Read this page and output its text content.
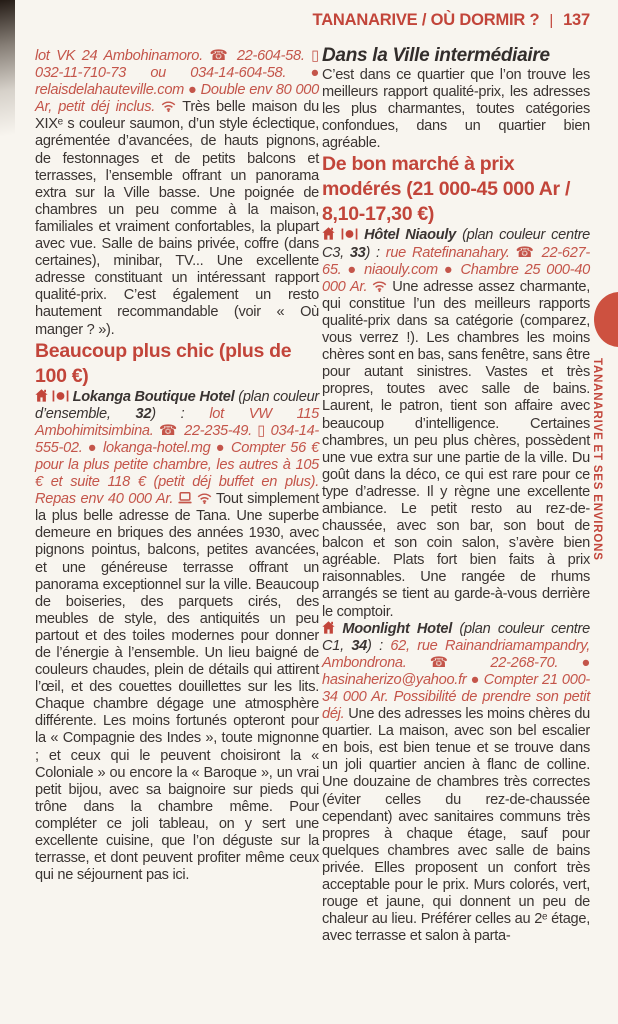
TANANARIVE / OÙ DORMIR ? | 137

lot VK 24 Ambohinamoro. ☎ 22-604-58. ▯ 032-11-710-73 ou 034-14-604-58. ● relaisdelahauteville.com ● Double env 80 000 Ar, petit déj inclus.  Très belle maison du XIXᵉ s couleur saumon, d’un style éclectique, agrémentée d’avancées, de hauts pignons, de festonnages et de petits balcons et terrasses, l’ensemble offrant un panorama extra sur la Ville basse. Une poignée de chambres un peu comme à la maison, familiales et vraiment confortables, la plupart avec vue. Salle de bains privée, coffre (dans certaines), minibar, TV... Une excellente adresse constituant un intéressant rapport qualité-prix. C’est également un resto hautement recommandable (voir « Où manger ? »).

Beaucoup plus chic (plus de 100 €)

Lokanga Boutique Hotel (plan couleur d’ensemble, 32) : lot VW 115 Ambohimitsimbina. ☎ 22-235-49. ▯ 034-14-555-02. ● lokanga-hotel.mg ● Compter 56 € pour la plus petite chambre, les autres à 105 € et suite 118 € (petit déj buffet en plus). Repas env 40 000 Ar.	Tout simplement la plus belle adresse de Tana. Une superbe demeure en briques des années 1930, avec pignons pointus, balcons, petites avancées, et une généreuse terrasse offrant un panorama exceptionnel sur la ville. Beaucoup de boiseries, des parquets cirés, des meubles de style, des antiquités un peu partout et des toiles modernes pour donner de l’énergie à l’ensemble. Un lieu baigné de couleurs chaudes, plein de détails qui attirent l’œil, et des couettes douillettes sur les lits. Chaque chambre dégage une atmosphère différente. Les moins fortunés opteront pour la « Compagnie des Indes », toute mignonne ; et ceux qui le peuvent choisiront la « Coloniale » ou encore la « Baroque », un vrai petit bijou, avec sa baignoire sur pieds qui trône dans la chambre même. Pour compléter ce joli tableau, on y sert une excellente cuisine, que l’on déguste sur la terrasse, et dont peuvent profiter même ceux qui ne séjournent pas ici.

Dans la Ville intermédiaire

C’est dans ce quartier que l’on trouve les meilleurs rapport qualité-prix, les adresses les plus charmantes, toutes catégories confondues, dans un quartier bien agréable.

De bon marché à prix modérés (21 000-45 000 Ar / 8,10-17,30 €)

Hôtel Niaouly (plan couleur centre C3, 33) : rue Ratefinanahary. ☎ 22-627-65. ● niaouly.com ● Chambre 25 000-40 000 Ar.  Une adresse assez charmante, qui constitue l’un des meilleurs rapports qualité-prix dans sa catégorie (comparez, vous verrez !). Les chambres les moins chères sont en bas, sans fenêtre, sans être pour autant sinistres. Vastes et très propres, toutes avec salle de bains. Laurent, le patron, tient son affaire avec beaucoup d’intelligence. Certaines chambres, un peu plus chères, possèdent une vue extra sur une partie de la ville. Du goût dans la déco, ce qui est rare pour ce type d’adresse. Il y règne une excellente ambiance. Le petit resto au rez-de-chaussée, avec son bar, son bout de balcon et son coin salon, s’avère bien agréable. Plats fort bien faits à prix raisonnables. Une rangée de rhums arrangés se tient au garde-à-vous derrière le comptoir.

Moonlight Hotel (plan couleur centre C1, 34) : 62, rue Rainandriamampandry, Ambondrona. ☎ 22-268-70. ● hasinaherizo@yahoo.fr ● Compter 21 000-34 000 Ar. Possibilité de prendre son petit déj. Une des adresses les moins chères du quartier. La maison, avec son bel escalier en bois, est bien tenue et se trouve dans un joli quartier ancien à flanc de colline. Une douzaine de chambres très correctes (éviter celles du rez-de-chaussée cependant) avec sanitaires communs très propres à chaque étage, sauf pour quelques chambres avec salle de bains privée. Elles proposent un confort très acceptable pour le prix. Murs colorés, vert, rouge et jaune, qui donnent un peu de chaleur au lieu. Préférer celles au 2ᵉ étage, avec terrasse et salon à parta-

TANANARIVE ET SES ENVIRONS
